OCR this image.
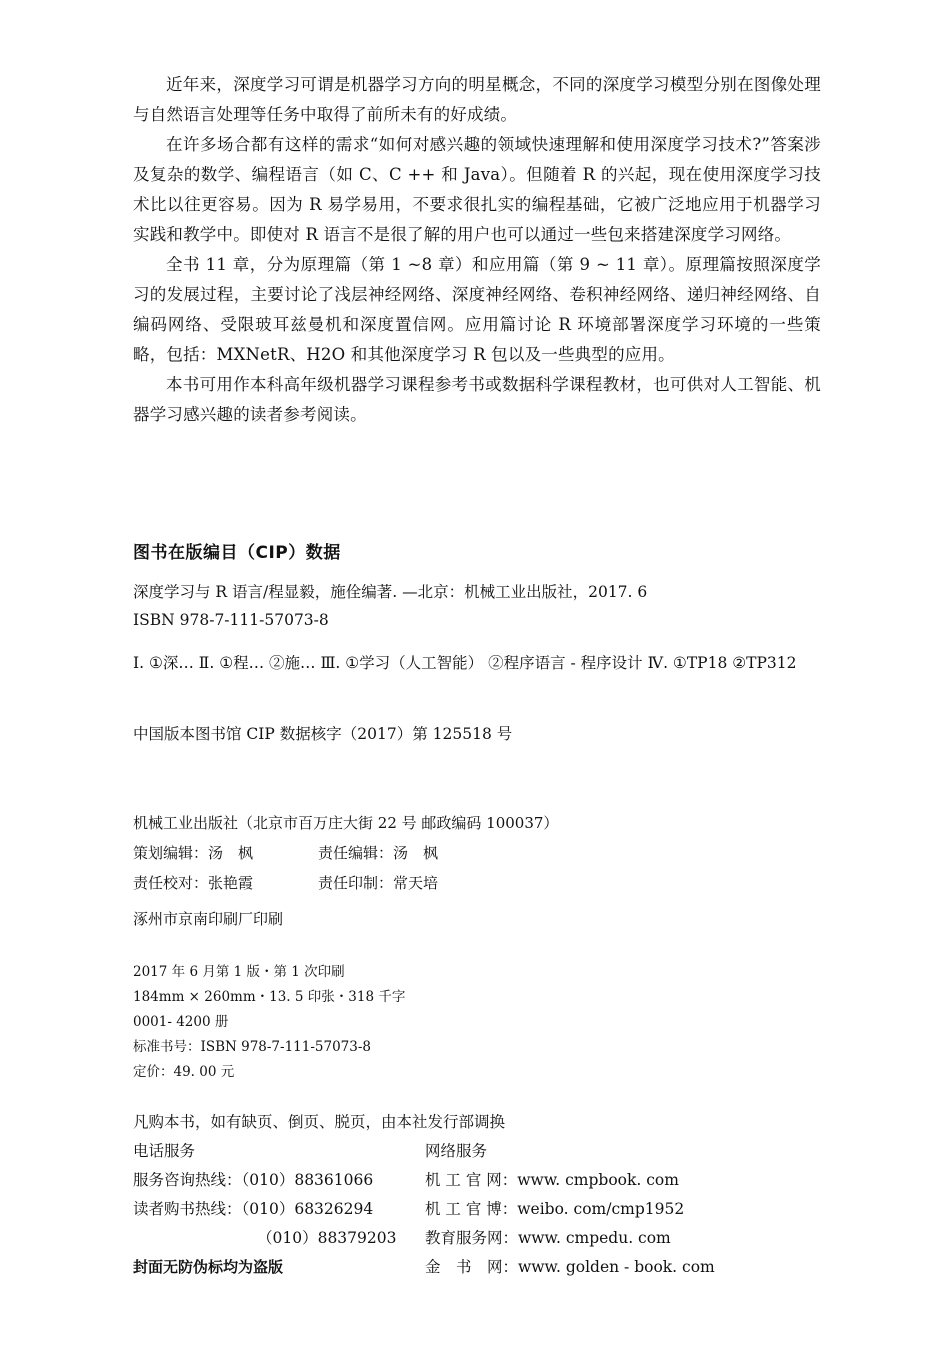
近年来，深度学习可谓是机器学习方向的明星概念，不同的深度学习模型分别在图像处理与自然语言处理等任务中取得了前所未有的好成绩。

在许多场合都有这样的需求“如何对感兴趣的领域快速理解和使用深度学习技术?”答案涉及复杂的数学、编程语言（如 C、C ++ 和 Java）。但随着 R 的兴起，现在使用深度学习技术比以往更容易。因为 R 易学易用，不要求很扎实的编程基础，它被广泛地应用于机器学习实践和教学中。即使对 R 语言不是很了解的用户也可以通过一些包来搭建深度学习网络。

全书 11 章，分为原理篇（第 1 ~8 章）和应用篇（第 9 ~ 11 章）。原理篇按照深度学习的发展过程，主要讨论了浅层神经网络、深度神经网络、卷积神经网络、递归神经网络、自编码网络、受限玻耳兹曼机和深度置信网。应用篇讨论 R 环境部署深度学习环境的一些策略，包括：MXNetR、H2O 和其他深度学习 R 包以及一些典型的应用。

本书可用作本科高年级机器学习课程参考书或数据科学课程教材，也可供对人工智能、机器学习感兴趣的读者参考阅读。

图书在版编目（CIP）数据

深度学习与 R 语言/程显毅，施佺编著. —北京：机械工业出版社，2017. 6

ISBN 978-7-111-57073-8

Ⅰ. ①深… Ⅱ. ①程… ②施… Ⅲ. ①学习（人工智能） ②程序语言 - 程序设计 Ⅳ. ①TP18 ②TP312

中国版本图书馆 CIP 数据核字（2017）第 125518 号

机械工业出版社（北京市百万庄大街 22 号 邮政编码 100037）

策划编辑：汤　枫	责任编辑：汤　枫
责任校对：张艳霞	责任印制：常天培

涿州市京南印刷厂印刷

2017 年 6 月第 1 版・第 1 次印刷

184mm × 260mm・13. 5 印张・318 千字

0001- 4200 册

标准书号：ISBN 978-7-111-57073-8

定价：49. 00 元

凡购本书，如有缺页、倒页、脱页，由本社发行部调换
电话服务	网络服务
服务咨询热线：（010）88361066	机 工 官 网：www. cmpbook. com
读者购书热线：（010）68326294	机 工 官 博：weibo. com/cmp1952
（010）88379203	教育服务网：www. cmpedu. com
封面无防伪标均为盗版	金　书　网：www. golden - book. com
